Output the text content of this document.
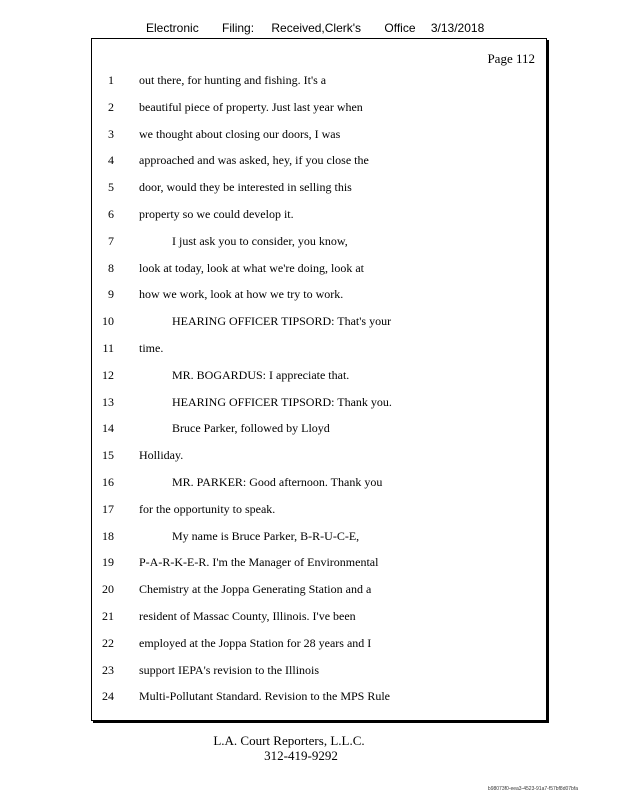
Electronic Filing: Received,Clerk's Office 3/13/2018
Page 112
1 out there, for hunting and fishing. It's a
2 beautiful piece of property. Just last year when
3 we thought about closing our doors, I was
4 approached and was asked, hey, if you close the
5 door, would they be interested in selling this
6 property so we could develop it.
7	I just ask you to consider, you know,
8 look at today, look at what we're doing, look at
9 how we work, look at how we try to work.
10	HEARING OFFICER TIPSORD: That's your
11 time.
12	MR. BOGARDUS: I appreciate that.
13	HEARING OFFICER TIPSORD: Thank you.
14	Bruce Parker, followed by Lloyd
15 Holliday.
16	MR. PARKER: Good afternoon. Thank you
17 for the opportunity to speak.
18	My name is Bruce Parker, B-R-U-C-E,
19 P-A-R-K-E-R. I'm the Manager of Environmental
20 Chemistry at the Joppa Generating Station and a
21 resident of Massac County, Illinois. I've been
22 employed at the Joppa Station for 28 years and I
23 support IEPA's revision to the Illinois
24 Multi-Pollutant Standard. Revision to the MPS Rule
L.A. Court Reporters, L.L.C.
312-419-9292
b98073f0-eea3-4523-91a7-f57bf8d07bfa
